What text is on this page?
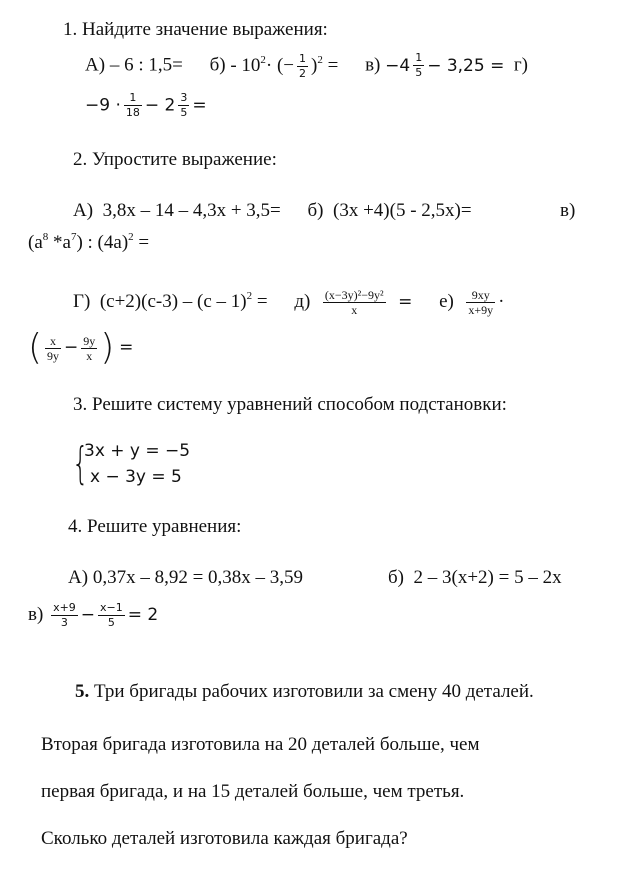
1. Найдите значение выражения:
А) – 6 : $1,5= б) - 10^2\cdot$ (− $\frac{1}{2} )^2 = в) -4 \frac{1}{5} - 3,25 = г$)
$-9 \cdot \frac{1}{18} - 2 \frac{3}{5}$ =
2. Упростите выражение:
А) 3,8х – 14 – 4,3х + 3,5= б) (3х +4)(5 - 2,5х)=	в)
($a^8$ $*a^7$) : $(4a)^2$ =
Г) $(c+2)(c-3) - (c - 1)^2 = д) \frac{\text{(x−3y)²−9y²}}{x} = е) \frac{9xy}{x+9y}$ ·
( $\frac{x}{9y} - \frac{9y}{x}$ ) =
3. Решите систему уравнений способом подстановки:
{
3x + y = −5
x − 3y = 5
4. Решите уравнения:
А) 0,37х – 8,92 = 0,38х – 3,59	б) 2 – 3(х+2) = 5 – 2х
$в) \frac{x+9}{3} - \frac{x-1}{5} = 2$
5. Три бригады рабочих изготовили за смену 40 деталей.
Вторая бригада изготовила на 20 деталей больше, чем
первая бригада, и на 15 деталей больше, чем третья.
Сколько деталей изготовила каждая бригада?
